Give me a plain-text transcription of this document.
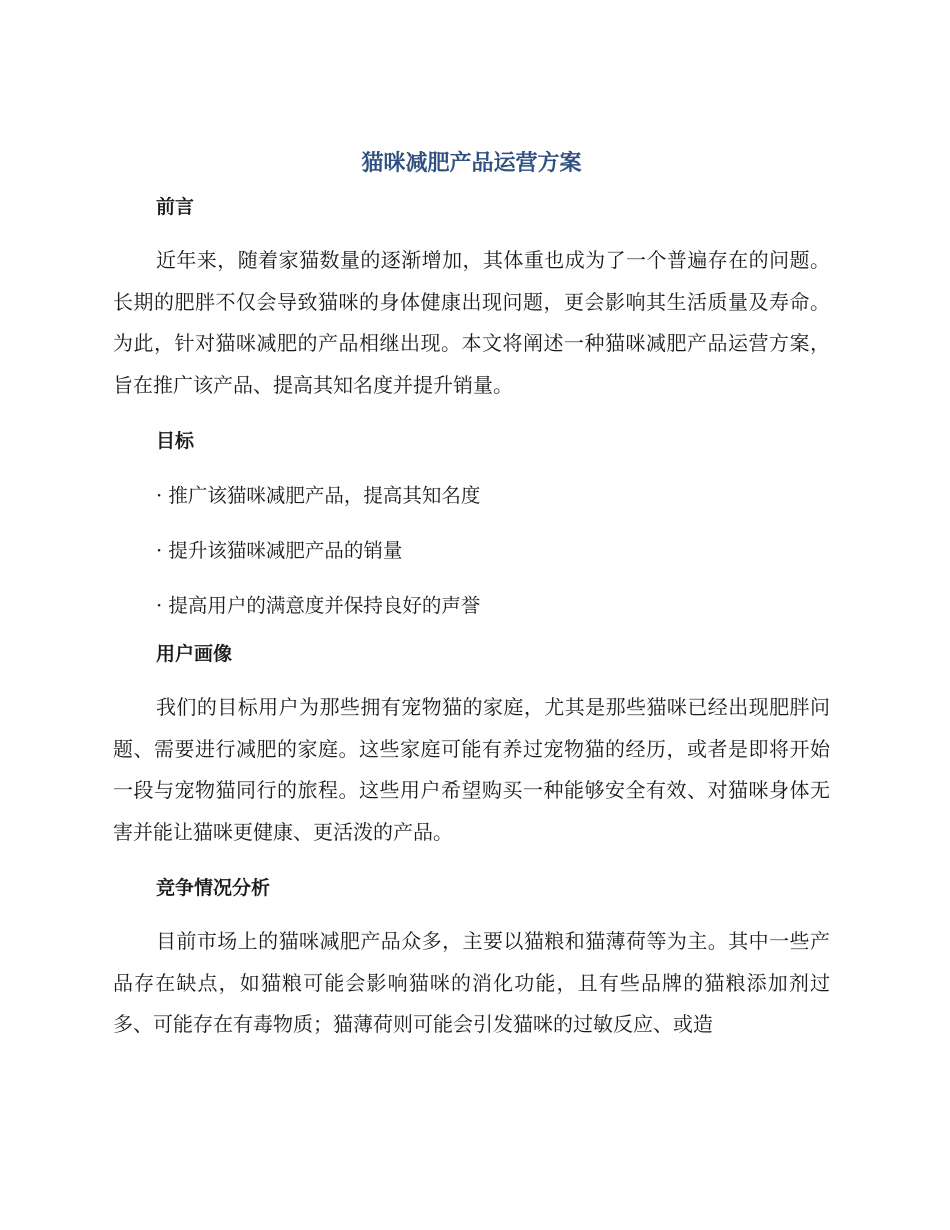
猫咪减肥产品运营方案
前言

近年来，随着家猫数量的逐渐增加，其体重也成为了一个普遍存在的问题。长期的肥胖不仅会导致猫咪的身体健康出现问题，更会影响其生活质量及寿命。为此，针对猫咪减肥的产品相继出现。本文将阐述一种猫咪减肥产品运营方案，旨在推广该产品、提高其知名度并提升销量。

目标

· 推广该猫咪减肥产品，提高其知名度

· 提升该猫咪减肥产品的销量

· 提高用户的满意度并保持良好的声誉

用户画像

我们的目标用户为那些拥有宠物猫的家庭，尤其是那些猫咪已经出现肥胖问题、需要进行减肥的家庭。这些家庭可能有养过宠物猫的经历，或者是即将开始一段与宠物猫同行的旅程。这些用户希望购买一种能够安全有效、对猫咪身体无害并能让猫咪更健康、更活泼的产品。

竞争情况分析

目前市场上的猫咪减肥产品众多，主要以猫粮和猫薄荷等为主。其中一些产品存在缺点，如猫粮可能会影响猫咪的消化功能，且有些品牌的猫粮添加剂过多、可能存在有毒物质；猫薄荷则可能会引发猫咪的过敏反应、或造
